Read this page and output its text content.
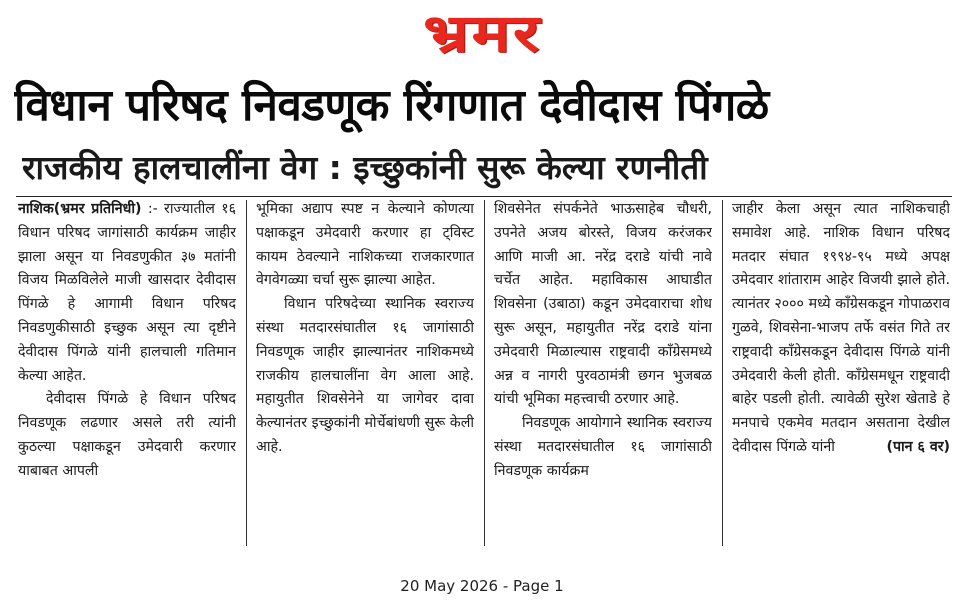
भ्रमर
विधान परिषद निवडणूक रिंगणात देवीदास पिंगळे
राजकीय हालचालींना वेग : इच्छुकांनी सुरू केल्या रणनीती

नाशिक(भ्रमर प्रतिनिधी) :- राज्यातील १६ विधान परिषद जागांसाठी कार्यक्रम जाहीर झाला असून या निवडणुकीत ३७ मतांनी विजय मिळविलेले माजी खासदार देवीदास पिंगळे हे आगामी विधान परिषद निवडणुकीसाठी इच्छुक असून त्या दृष्टीने देवीदास पिंगळे यांनी हालचाली गतिमान केल्या आहेत.

देवीदास पिंगळे हे विधान परिषद निवडणूक लढणार असले तरी त्यांनी कुठल्या पक्षाकडून उमेदवारी करणार याबाबत आपली

भूमिका अद्याप स्पष्ट न केल्याने कोणत्या पक्षाकडून उमेदवारी करणार हा ट्विस्ट कायम ठेवल्याने नाशिकच्या राजकारणात वेगवेगळ्या चर्चा सुरू झाल्या आहेत.

विधान परिषदेच्या स्थानिक स्वराज्य संस्था मतदारसंघातील १६ जागांसाठी निवडणूक जाहीर झाल्यानंतर नाशिकमध्ये राजकीय हालचालींना वेग आला आहे. महायुतीत शिवसेनेने या जागेवर दावा केल्यानंतर इच्छुकांनी मोर्चेबांधणी सुरू केली आहे.

शिवसेनेत संपर्कनेते भाऊसाहेब चौधरी, उपनेते अजय बोरस्ते, विजय करंजकर आणि माजी आ. नरेंद्र दराडे यांची नावे चर्चेत आहेत. महाविकास आघाडीत शिवसेना (उबाठा) कडून उमेदवाराचा शोध सुरू असून, महायुतीत नरेंद्र दराडे यांना उमेदवारी मिळाल्यास राष्ट्रवादी काँग्रेसमध्ये अन्न व नागरी पुरवठामंत्री छगन भुजबळ यांची भूमिका महत्त्वाची ठरणार आहे.

निवडणूक आयोगाने स्थानिक स्वराज्य संस्था मतदारसंघातील १६ जागांसाठी निवडणूक कार्यक्रम

जाहीर केला असून त्यात नाशिकचाही समावेश आहे. नाशिक विधान परिषद मतदार संघात १९९४-९५ मध्ये अपक्ष उमेदवार शांताराम आहेर विजयी झाले होते. त्यानंतर २००० मध्ये काँग्रेसकडून गोपाळराव गुळवे, शिवसेना-भाजप तर्फे वसंत गिते तर राष्ट्रवादी काँग्रेसकडून देवीदास पिंगळे यांनी उमेदवारी केली होती. काँग्रेसमधून राष्ट्रवादी बाहेर पडली होती. त्यावेळी सुरेश खेताडे हे मनपाचे एकमेव मतदान असताना देखील देवीदास पिंगळे यांनी	(पान ६ वर)

20 May 2026 - Page 1
